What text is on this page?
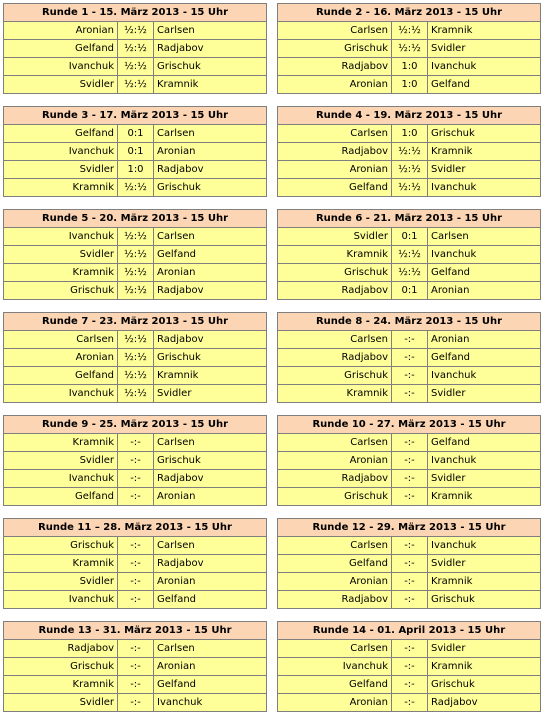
Runde 1 - 15. März 2013 - 15 Uhr		
Aronian	½:½	Carlsen
Gelfand	½:½	Radjabov
Ivanchuk	½:½	Grischuk
Svidler	½:½	Kramnik
Runde 2 - 16. März 2013 - 15 Uhr		
Carlsen	½:½	Kramnik
Grischuk	½:½	Svidler
Radjabov	1:0	Ivanchuk
Aronian	1:0	Gelfand
Runde 3 - 17. März 2013 - 15 Uhr		
Gelfand	0:1	Carlsen
Ivanchuk	0:1	Aronian
Svidler	1:0	Radjabov
Kramnik	½:½	Grischuk
Runde 4 - 19. März 2013 - 15 Uhr		
Carlsen	1:0	Grischuk
Radjabov	½:½	Kramnik
Aronian	½:½	Svidler
Gelfand	½:½	Ivanchuk
Runde 5 - 20. März 2013 - 15 Uhr		
Ivanchuk	½:½	Carlsen
Svidler	½:½	Gelfand
Kramnik	½:½	Aronian
Grischuk	½:½	Radjabov
Runde 6 - 21. März 2013 - 15 Uhr		
Svidler	0:1	Carlsen
Kramnik	½:½	Ivanchuk
Grischuk	½:½	Gelfand
Radjabov	0:1	Aronian
Runde 7 - 23. März 2013 - 15 Uhr		
Carlsen	½:½	Radjabov
Aronian	½:½	Grischuk
Gelfand	½:½	Kramnik
Ivanchuk	½:½	Svidler
Runde 8 - 24. März 2013 - 15 Uhr		
Carlsen	-:-	Aronian
Radjabov	-:-	Gelfand
Grischuk	-:-	Ivanchuk
Kramnik	-:-	Svidler
Runde 9 - 25. März 2013 - 15 Uhr		
Kramnik	-:-	Carlsen
Svidler	-:-	Grischuk
Ivanchuk	-:-	Radjabov
Gelfand	-:-	Aronian
Runde 10 - 27. März 2013 - 15 Uhr		
Carlsen	-:-	Gelfand
Aronian	-:-	Ivanchuk
Radjabov	-:-	Svidler
Grischuk	-:-	Kramnik
Runde 11 – 28. März 2013 - 15 Uhr		
Grischuk	-:-	Carlsen
Kramnik	-:-	Radjabov
Svidler	-:-	Aronian
Ivanchuk	-:-	Gelfand
Runde 12 - 29. März 2013 - 15 Uhr		
Carlsen	-:-	Ivanchuk
Gelfand	-:-	Svidler
Aronian	-:-	Kramnik
Radjabov	-:-	Grischuk
Runde 13 - 31. März 2013 - 15 Uhr		
Radjabov	-:-	Carlsen
Grischuk	-:-	Aronian
Kramnik	-:-	Gelfand
Svidler	-:-	Ivanchuk
Runde 14 - 01. April 2013 - 15 Uhr		
Carlsen	-:-	Svidler
Ivanchuk	-:-	Kramnik
Gelfand	-:-	Grischuk
Aronian	-:-	Radjabov
